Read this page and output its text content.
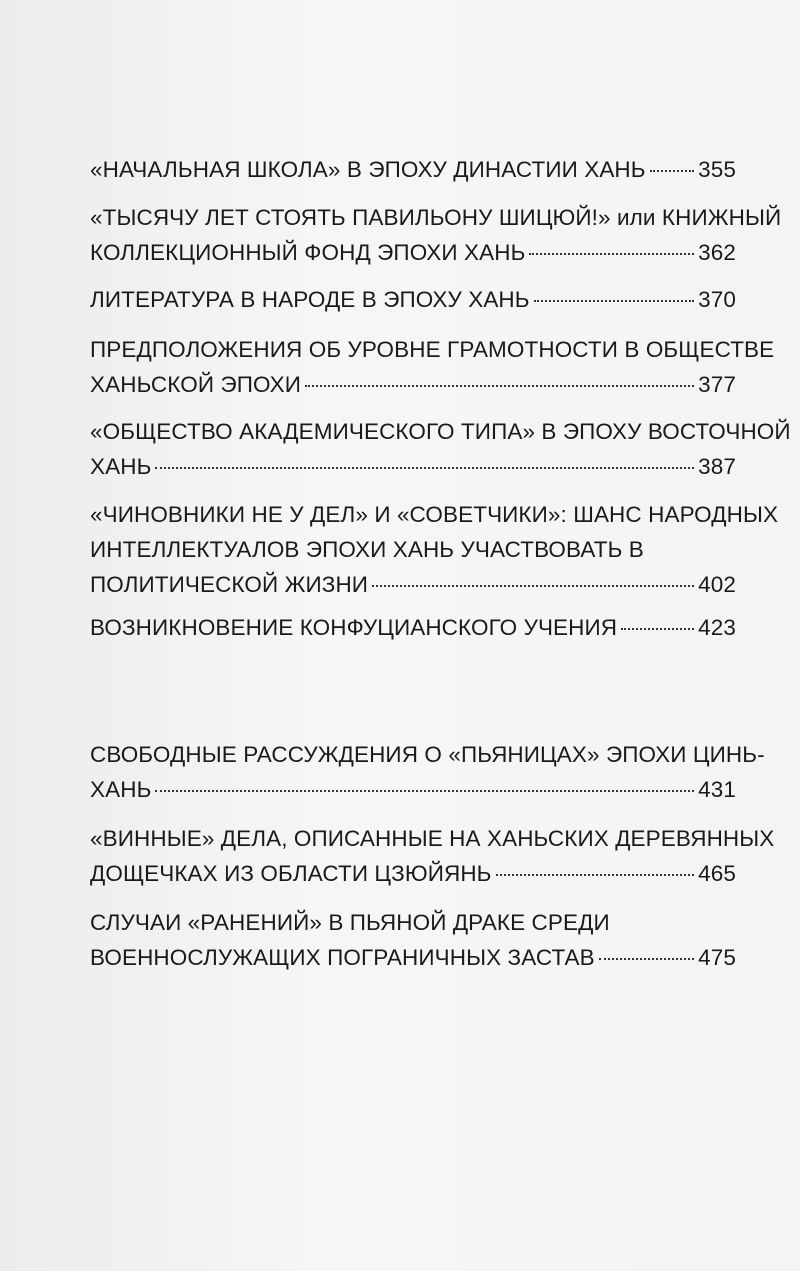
«НАЧАЛЬНАЯ ШКОЛА» В ЭПОХУ ДИНАСТИИ ХАНЬ 355
«ТЫСЯЧУ ЛЕТ СТОЯТЬ ПАВИЛЬОНУ ШИЦЮЙ!» или КНИЖНЫЙ
КОЛЛЕКЦИОННЫЙ ФОНД ЭПОХИ ХАНЬ	362
ЛИТЕРАТУРА В НАРОДЕ В ЭПОХУ ХАНЬ	370
ПРЕДПОЛОЖЕНИЯ ОБ УРОВНЕ ГРАМОТНОСТИ В ОБЩЕСТВЕ
ХАНЬСКОЙ ЭПОХИ	377
«ОБЩЕСТВО АКАДЕМИЧЕСКОГО ТИПА» В ЭПОХУ ВОСТОЧНОЙ
ХАНЬ	387
«ЧИНОВНИКИ НЕ У ДЕЛ» И «СОВЕТЧИКИ»: ШАНС НАРОДНЫХ
ИНТЕЛЛЕКТУАЛОВ ЭПОХИ ХАНЬ УЧАСТВОВАТЬ В
ПОЛИТИЧЕСКОЙ ЖИЗНИ	402
ВОЗНИКНОВЕНИЕ КОНФУЦИАНСКОГО УЧЕНИЯ	423
СВОБОДНЫЕ РАССУЖДЕНИЯ О «ПЬЯНИЦАХ» ЭПОХИ ЦИНЬ-
ХАНЬ	431
«ВИННЫЕ» ДЕЛА, ОПИСАННЫЕ НА ХАНЬСКИХ ДЕРЕВЯННЫХ
ДОЩЕЧКАХ ИЗ ОБЛАСТИ ЦЗЮЙЯНЬ	465
СЛУЧАИ «РАНЕНИЙ» В ПЬЯНОЙ ДРАКЕ СРЕДИ
ВОЕННОСЛУЖАЩИХ ПОГРАНИЧНЫХ ЗАСТАВ	475
